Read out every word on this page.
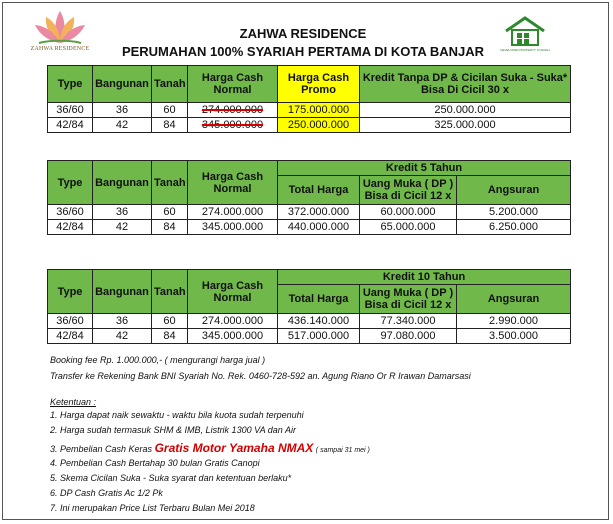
ZAHWA RESIDENCE	DEVELOPER PROPERTY SYARIAH
ZAHWA RESIDENCE
PERUMAHAN 100% SYARIAH PERTAMA DI KOTA BANJAR
Type	Bangunan	Tanah	Harga Cash Normal	Harga Cash Promo	Kredit Tanpa DP & Cicilan Suka - Suka* Bisa Di Cicil 30 x
36/60	36	60	274.000.000	175.000.000	250.000.000
42/84	42	84	345.000.000	250.000.000	325.000.000
Type	Bangunan	Tanah	Harga Cash Normal	Kredit 5 Tahun		
				Total Harga	Uang Muka ( DP ) Bisa di Cicil 12 x	Angsuran
36/60	36	60	274.000.000	372.000.000	60.000.000	5.200.000
42/84	42	84	345.000.000	440.000.000	65.000.000	6.250.000
Type	Bangunan	Tanah	Harga Cash Normal	Kredit 10 Tahun		
				Total Harga	Uang Muka ( DP ) Bisa di Cicil 12 x	Angsuran
36/60	36	60	274.000.000	436.140.000	77.340.000	2.990.000
42/84	42	84	345.000.000	517.000.000	97.080.000	3.500.000
Booking fee Rp. 1.000.000,- ( mengurangi harga jual )
Transfer ke Rekening Bank BNI Syariah No. Rek. 0460-728-592 an. Agung Riano Or R Irawan Damarsasi
Ketentuan :
1. Harga dapat naik sewaktu - waktu bila kuota sudah terpenuhi
2. Harga sudah termasuk SHM & IMB, Listrik 1300 VA dan Air
3. Pembelian Cash Keras Gratis Motor Yamaha NMAX ( sampai 31 mei )
4. Pembelian Cash Bertahap 30 bulan Gratis Canopi
5. Skema Cicilan Suka - Suka syarat dan ketentuan berlaku*
6. DP Cash Gratis Ac 1/2 Pk
7. Ini merupakan Price List Terbaru Bulan Mei 2018
